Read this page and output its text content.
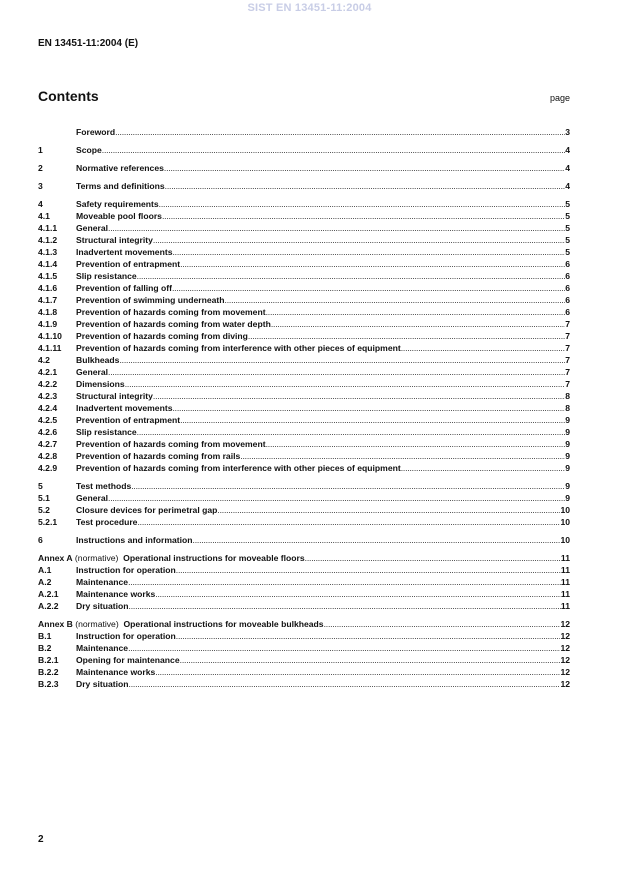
SIST EN 13451-11:2004
EN 13451-11:2004 (E)
Contents	page
Foreword .....	3
1	Scope .....	4
2	Normative references .....	4
3	Terms and definitions .....	4
4	Safety requirements .....	5
4.1	Moveable pool floors .....	5
4.1.1	General .....	5
4.1.2	Structural integrity .....	5
4.1.3	Inadvertent movements .....	5
4.1.4	Prevention of entrapment .....	6
4.1.5	Slip resistance .....	6
4.1.6	Prevention of falling off .....	6
4.1.7	Prevention of swimming underneath .....	6
4.1.8	Prevention of hazards coming from movement .....	6
4.1.9	Prevention of hazards coming from water depth .....	7
4.1.10	Prevention of hazards coming from diving .....	7
4.1.11	Prevention of hazards coming from interference with other pieces of equipment .....	7
4.2	Bulkheads .....	7
4.2.1	General .....	7
4.2.2	Dimensions .....	7
4.2.3	Structural integrity .....	8
4.2.4	Inadvertent movements .....	8
4.2.5	Prevention of entrapment .....	9
4.2.6	Slip resistance .....	9
4.2.7	Prevention of hazards coming from movement .....	9
4.2.8	Prevention of hazards coming from rails .....	9
4.2.9	Prevention of hazards coming from interference with other pieces of equipment .....	9
5	Test methods .....	9
5.1	General .....	9
5.2	Closure devices for perimetral gap .....	10
5.2.1	Test procedure .....	10
6	Instructions and information .....	10
Annex A (normative)  Operational instructions for moveable floors .....	11
A.1	Instruction for operation .....	11
A.2	Maintenance .....	11
A.2.1	Maintenance works .....	11
A.2.2	Dry situation .....	11
Annex B (normative)  Operational instructions for moveable bulkheads .....	12
B.1	Instruction for operation .....	12
B.2	Maintenance .....	12
B.2.1	Opening for maintenance .....	12
B.2.2	Maintenance works .....	12
B.2.3	Dry situation .....	12
2
